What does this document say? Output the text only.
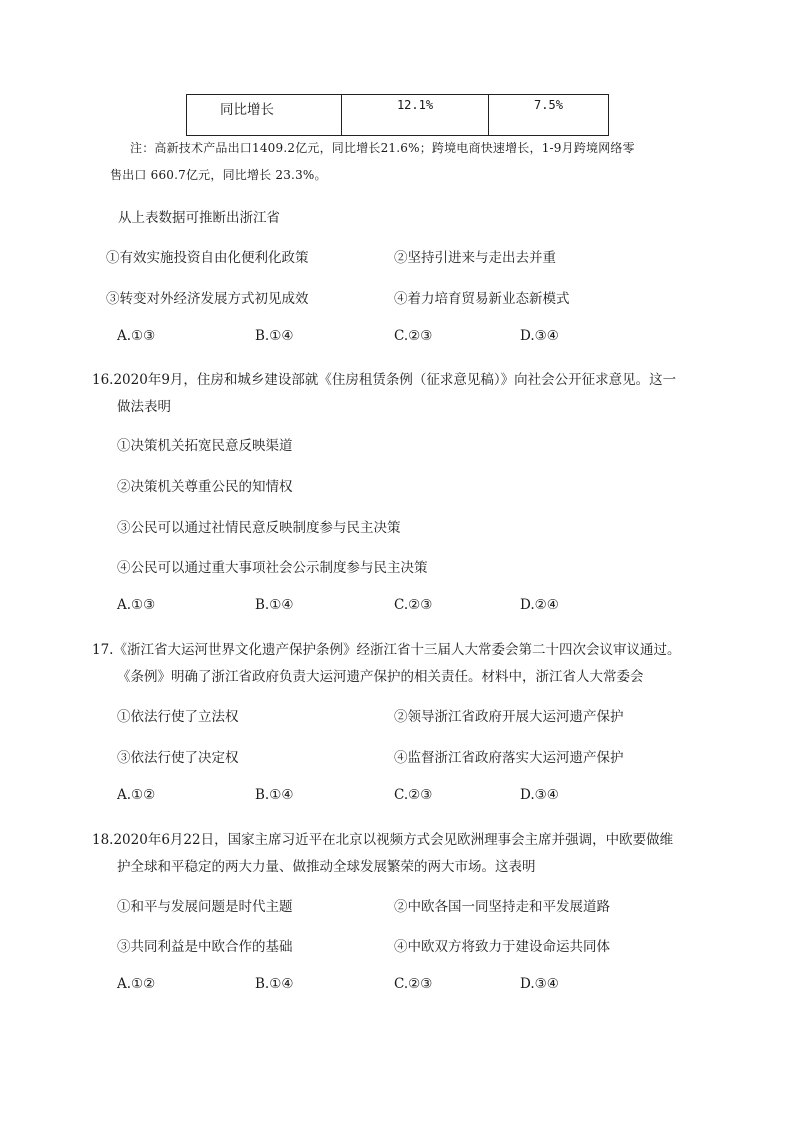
同比增长	12.1%	7.5%
注：高新技术产品出口1409.2亿元，同比增长21.6%；跨境电商快速增长，1-9月跨境网络零
售出口 660.7亿元，同比增长 23.3%。
从上表数据可推断出浙江省
①有效实施投资自由化便利化政策	②坚持引进来与走出去并重
③转变对外经济发展方式初见成效	④着力培育贸易新业态新模式
A.①③	B.①④	C.②③	D.③④
16.2020年9月，住房和城乡建设部就《住房租赁条例（征求意见稿）》向社会公开征求意见。这一
做法表明
①决策机关拓宽民意反映渠道
②决策机关尊重公民的知情权
③公民可以通过社情民意反映制度参与民主决策
④公民可以通过重大事项社会公示制度参与民主决策
A.①③	B.①④	C.②③	D.②④
17.《浙江省大运河世界文化遗产保护条例》经浙江省十三届人大常委会第二十四次会议审议通过。
《条例》明确了浙江省政府负责大运河遗产保护的相关责任。材料中，浙江省人大常委会
①依法行使了立法权	②领导浙江省政府开展大运河遗产保护
③依法行使了决定权	④监督浙江省政府落实大运河遗产保护
A.①②	B.①④	C.②③	D.③④
18.2020年6月22日，国家主席习近平在北京以视频方式会见欧洲理事会主席并强调，中欧要做维
护全球和平稳定的两大力量、做推动全球发展繁荣的两大市场。这表明
①和平与发展问题是时代主题	②中欧各国一同坚持走和平发展道路
③共同利益是中欧合作的基础	④中欧双方将致力于建设命运共同体
A.①②	B.①④	C.②③	D.③④
